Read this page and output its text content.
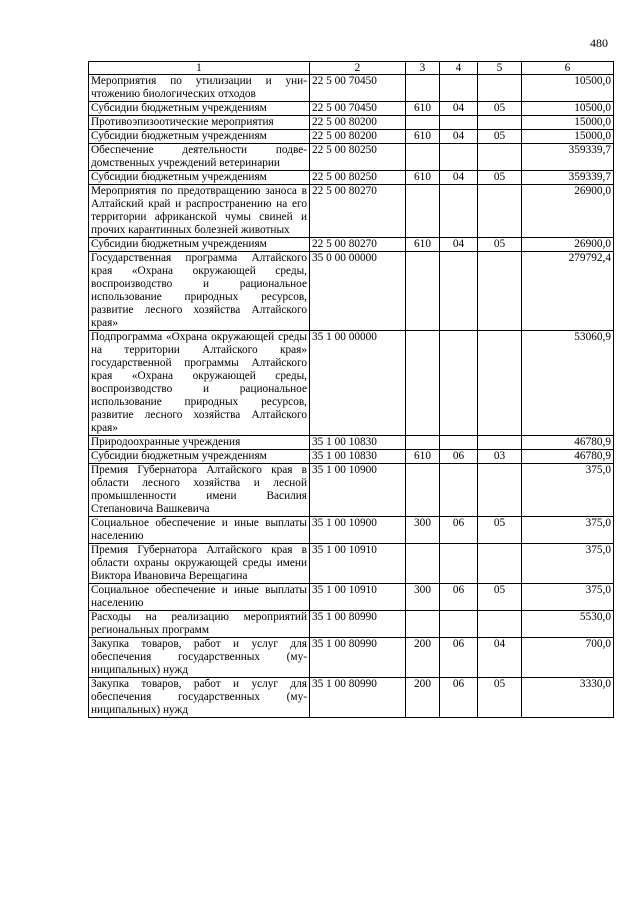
480
1	2	3	4	5	6
Мероприятия по утилизации и уничтожению биологических отходов	22 5 00 70450				10500,0
Субсидии бюджетным учреждениям	22 5 00 70450	610	04	05	10500,0
Противоэпизоотические мероприятия	22 5 00 80200				15000,0
Субсидии бюджетным учреждениям	22 5 00 80200	610	04	05	15000,0
Обеспечение деятельности подведомственных учреждений ветеринарии	22 5 00 80250				359339,7
Субсидии бюджетным учреждениям	22 5 00 80250	610	04	05	359339,7
Мероприятия по предотвращению заноса в Алтайский край и распространению на его территории африканской чумы свиней и прочих карантинных болезней животных	22 5 00 80270				26900,0
Субсидии бюджетным учреждениям	22 5 00 80270	610	04	05	26900,0
Государственная программа Алтайского края «Охрана окружающей среды, воспроизводство и рациональное использование природных ресурсов, развитие лесного хозяйства Алтайского края»	35 0 00 00000				279792,4
Подпрограмма «Охрана окружающей среды на территории Алтайского края» государственной программы Алтайского края «Охрана окружающей среды, воспроизводство и рациональное использование природных ресурсов, развитие лесного хозяйства Алтайского края»	35 1 00 00000				53060,9
Природоохранные учреждения	35 1 00 10830				46780,9
Субсидии бюджетным учреждениям	35 1 00 10830	610	06	03	46780,9
Премия Губернатора Алтайского края в области лесного хозяйства и лесной промышленности имени Василия Степановича Вашкевича	35 1 00 10900				375,0
Социальное обеспечение и иные выплаты населению	35 1 00 10900	300	06	05	375,0
Премия Губернатора Алтайского края в области охраны окружающей среды имени Виктора Ивановича Верещагина	35 1 00 10910				375,0
Социальное обеспечение и иные выплаты населению	35 1 00 10910	300	06	05	375,0
Расходы на реализацию мероприятий региональных программ	35 1 00 80990				5530,0
Закупка товаров, работ и услуг для обеспечения государственных (муниципальных) нужд	35 1 00 80990	200	06	04	700,0
Закупка товаров, работ и услуг для обеспечения государственных (муниципальных) нужд	35 1 00 80990	200	06	05	3330,0
